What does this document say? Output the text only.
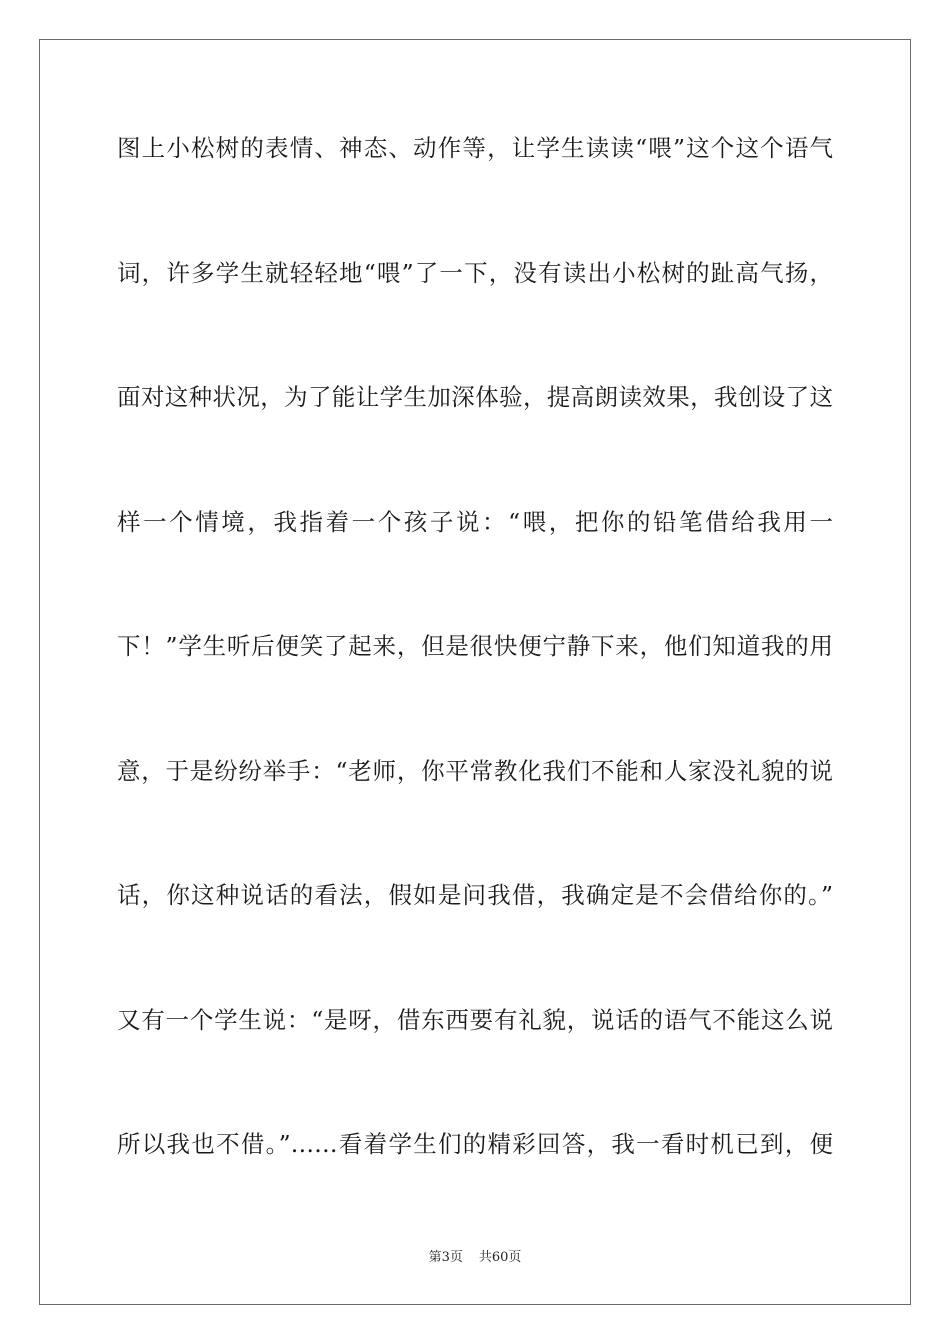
图上小松树的表情、神态、动作等，让学生读读“喂”这个这个语气

词，许多学生就轻轻地“喂”了一下，没有读出小松树的趾高气扬，

面对这种状况，为了能让学生加深体验，提高朗读效果，我创设了这

样一个情境，我指着一个孩子说：“喂，把你的铅笔借给我用一

下！”学生听后便笑了起来，但是很快便宁静下来，他们知道我的用

意，于是纷纷举手：“老师，你平常教化我们不能和人家没礼貌的说

话，你这种说话的看法，假如是问我借，我确定是不会借给你的。”

又有一个学生说：“是呀，借东西要有礼貌，说话的语气不能这么说

所以我也不借。”……看着学生们的精彩回答，我一看时机已到，便

第3页 共60页
